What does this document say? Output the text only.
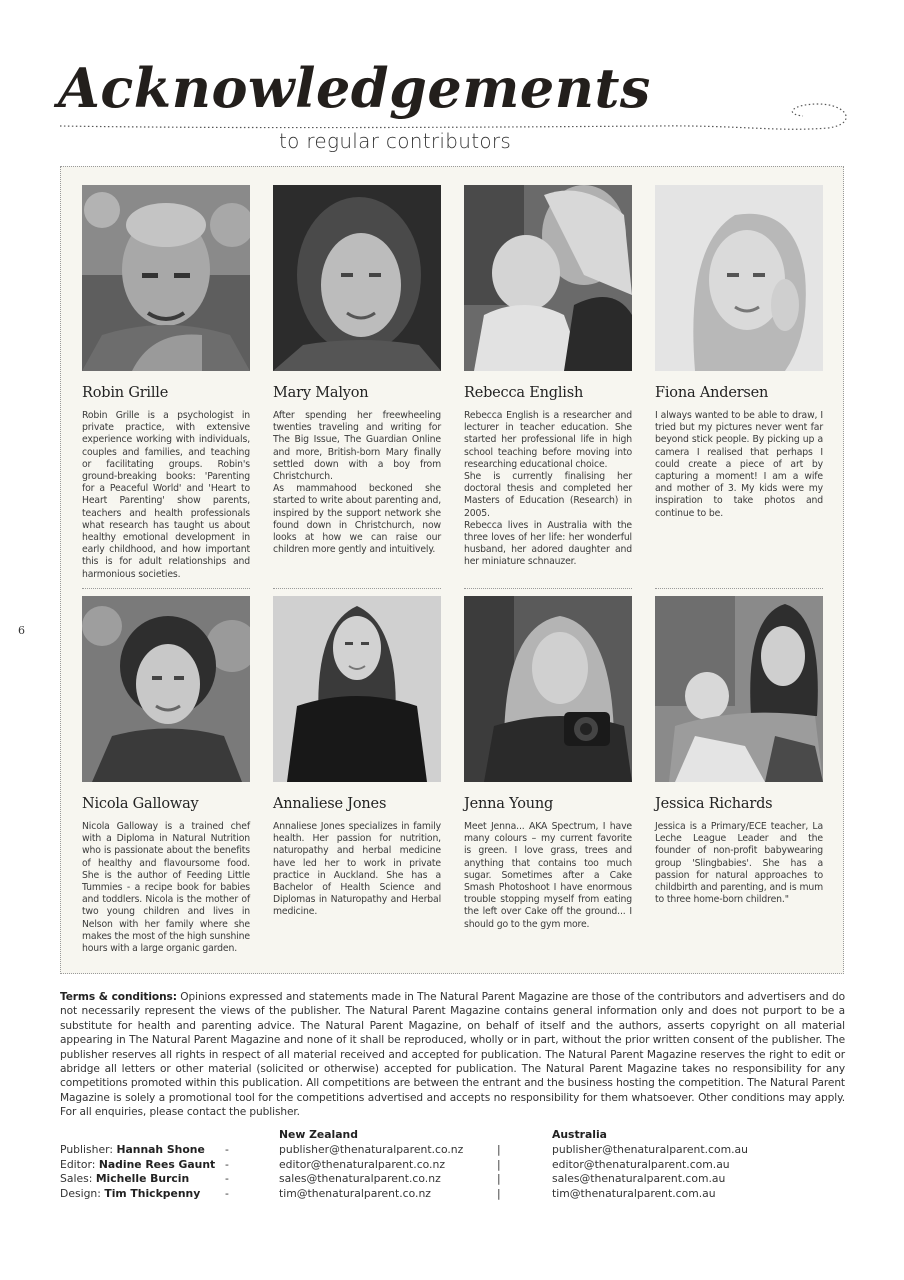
Acknowledgements
to regular contributors
6
Robin Grille
Robin Grille is a psychologist in private practice, with extensive experience working with individuals, couples and families, and teaching or facilitating groups. Robin's ground-breaking books: 'Parenting for a Peaceful World' and 'Heart to Heart Parenting' show parents, teachers and health professionals what research has taught us about healthy emotional development in early childhood, and how important this is for adult relationships and harmonious societies.
Mary Malyon
After spending her freewheeling twenties traveling and writing for The Big Issue, The Guardian Online and more, British-born Mary finally settled down with a boy from Christchurch.
As mammahood beckoned she started to write about parenting and, inspired by the support network she found down in Christchurch, now looks at how we can raise our children more gently and intuitively.
Rebecca English
Rebecca English is a researcher and lecturer in teacher education. She started her professional life in high school teaching before moving into researching educational choice.
She is currently finalising her doctoral thesis and completed her Masters of Education (Research) in 2005.
Rebecca lives in Australia with the three loves of her life: her wonderful husband, her adored daughter and her miniature schnauzer.
Fiona Andersen
I always wanted to be able to draw, I tried but my pictures never went far beyond stick people. By picking up a camera I realised that perhaps I could create a piece of art by capturing a moment! I am a wife and mother of 3. My kids were my inspiration to take photos and continue to be.
Nicola Galloway
Nicola Galloway is a trained chef with a Diploma in Natural Nutrition who is passionate about the benefits of healthy and flavoursome food. She is the author of Feeding Little Tummies - a recipe book for babies and toddlers. Nicola is the mother of two young children and lives in Nelson with her family where she makes the most of the high sunshine hours with a large organic garden.
Annaliese Jones
Annaliese Jones specializes in family health. Her passion for nutrition, naturopathy and herbal medicine have led her to work in private practice in Auckland. She has a Bachelor of Health Science and Diplomas in Naturopathy and Herbal medicine.
Jenna Young
Meet Jenna... AKA Spectrum, I have many colours – my current favorite is green. I love grass, trees and anything that contains too much sugar. Sometimes after a Cake Smash Photoshoot I have enormous trouble stopping myself from eating the left over Cake off the ground... I should go to the gym more.
Jessica Richards
Jessica is a Primary/ECE teacher, La Leche League Leader and the founder of non-profit babywearing group 'Slingbabies'. She has a passion for natural approaches to childbirth and parenting, and is mum to three home-born children."
Terms & conditions: Opinions expressed and statements made in The Natural Parent Magazine are those of the contributors and advertisers and do not necessarily represent the views of the publisher. The Natural Parent Magazine contains general information only and does not purport to be a substitute for health and parenting advice. The Natural Parent Magazine, on behalf of itself and the authors, asserts copyright on all material appearing in The Natural Parent Magazine and none of it shall be reproduced, wholly or in part, without the prior written consent of the publisher. The publisher reserves all rights in respect of all material received and accepted for publication. The Natural Parent Magazine reserves the right to edit or abridge all letters or other material (solicited or otherwise) accepted for publication. The Natural Parent Magazine takes no responsibility for any competitions promoted within this publication. All competitions are between the entrant and the business hosting the competition. The Natural Parent Magazine is solely a promotional tool for the competitions advertised and accepts no responsibility for them whatsoever. Other conditions may apply. For all enquiries, please contact the publisher.
New Zealand	Australia
Publisher: Hannah Shone -	publisher@thenaturalparent.co.nz	|	publisher@thenaturalparent.com.au
Editor: Nadine Rees Gaunt -	editor@thenaturalparent.co.nz	|	editor@thenaturalparent.com.au
Sales: Michelle Burcin	-	sales@thenaturalparent.co.nz	|	sales@thenaturalparent.com.au
Design: Tim Thickpenny -	tim@thenaturalparent.co.nz	|	tim@thenaturalparent.com.au
